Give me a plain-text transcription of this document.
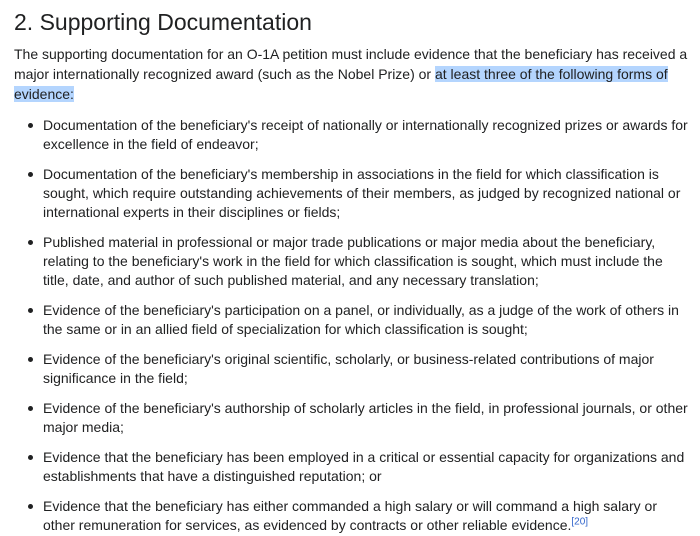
2. Supporting Documentation

The supporting documentation for an O-1A petition must include evidence that the beneficiary has received a major internationally recognized award (such as the Nobel Prize) or at least three of the following forms of evidence:

Documentation of the beneficiary's receipt of nationally or internationally recognized prizes or awards for excellence in the field of endeavor;
Documentation of the beneficiary's membership in associations in the field for which classification is sought, which require outstanding achievements of their members, as judged by recognized national or international experts in their disciplines or fields;
Published material in professional or major trade publications or major media about the beneficiary, relating to the beneficiary's work in the field for which classification is sought, which must include the title, date, and author of such published material, and any necessary translation;
Evidence of the beneficiary's participation on a panel, or individually, as a judge of the work of others in the same or in an allied field of specialization for which classification is sought;
Evidence of the beneficiary's original scientific, scholarly, or business-related contributions of major significance in the field;
Evidence of the beneficiary's authorship of scholarly articles in the field, in professional journals, or other major media;
Evidence that the beneficiary has been employed in a critical or essential capacity for organizations and establishments that have a distinguished reputation; or
Evidence that the beneficiary has either commanded a high salary or will command a high salary or other remuneration for services, as evidenced by contracts or other reliable evidence.[20]
